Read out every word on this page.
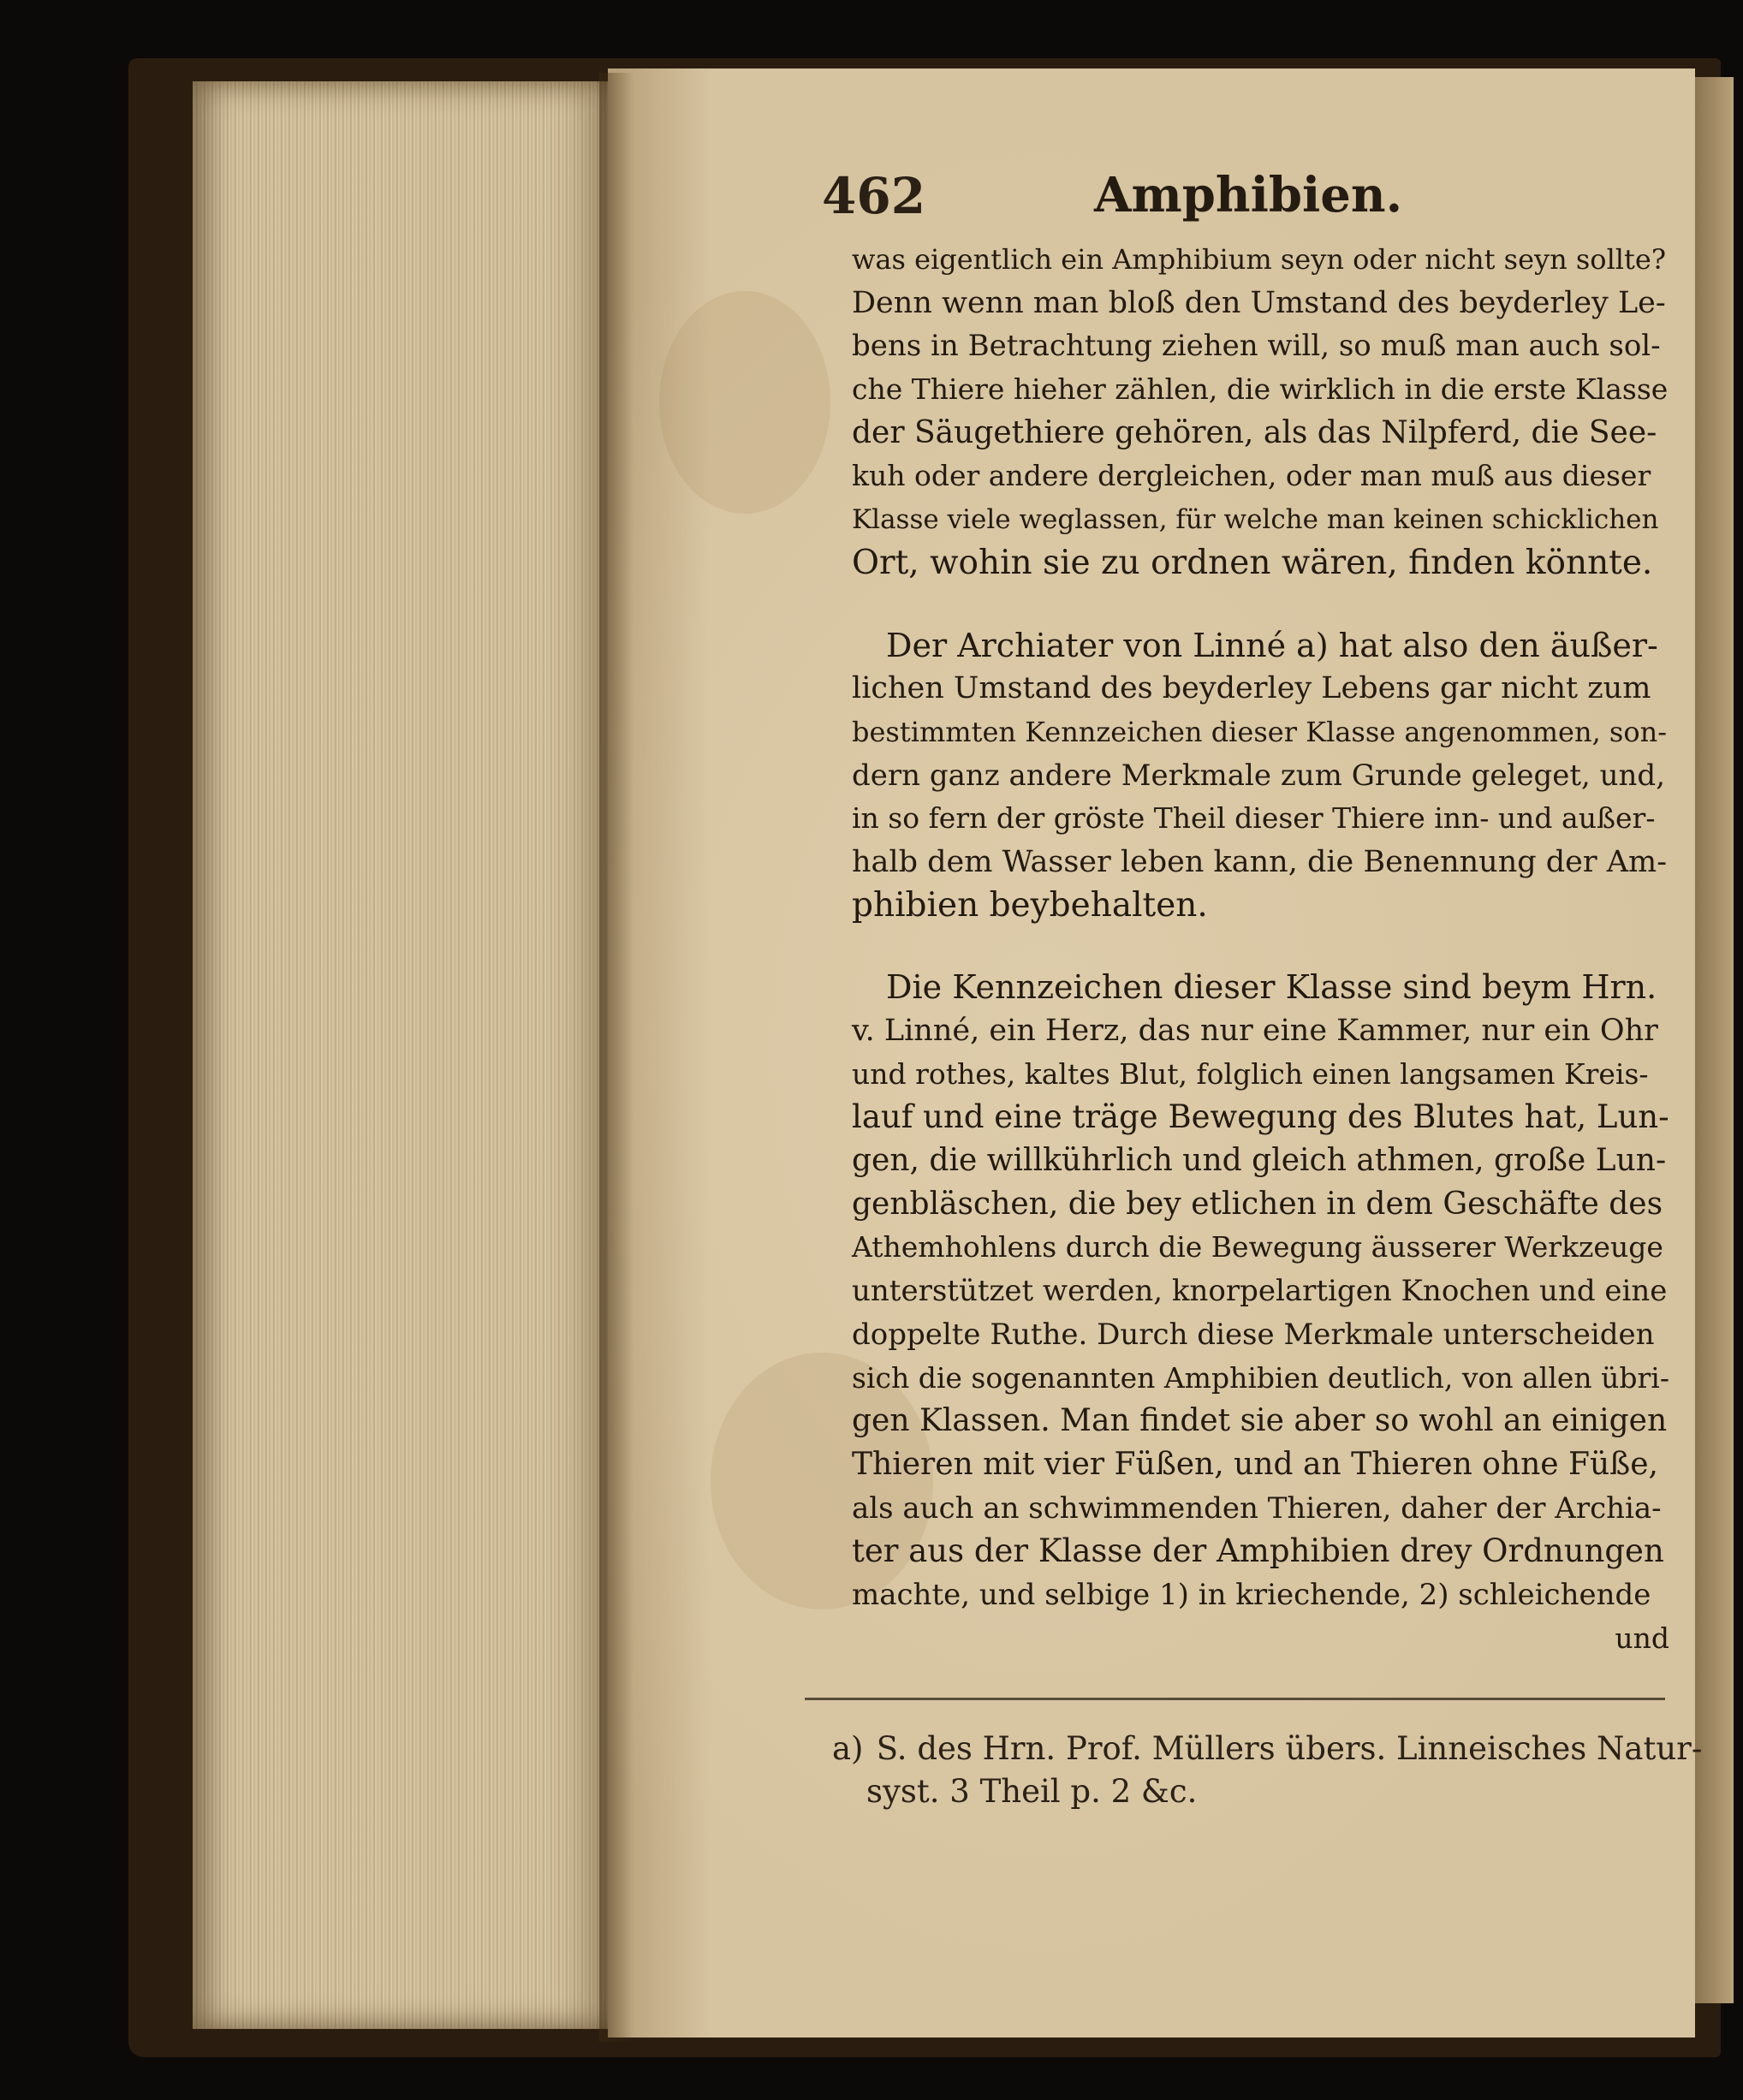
462	Amphibien.
was eigentlich ein Amphibium seyn oder nicht seyn sollte?
Denn wenn man bloß den Umstand des beyderley Le-
bens in Betrachtung ziehen will, so muß man auch sol-
che Thiere hieher zählen, die wirklich in die erste Klasse
der Säugethiere gehören, als das Nilpferd, die See-
kuh oder andere dergleichen, oder man muß aus dieser
Klasse viele weglassen, für welche man keinen schicklichen
Ort, wohin sie zu ordnen wären, finden könnte.
Der Archiater von Linné a) hat also den äußer-
lichen Umstand des beyderley Lebens gar nicht zum
bestimmten Kennzeichen dieser Klasse angenommen, son-
dern ganz andere Merkmale zum Grunde geleget, und,
in so fern der gröste Theil dieser Thiere inn- und außer-
halb dem Wasser leben kann, die Benennung der Am-
phibien beybehalten.
Die Kennzeichen dieser Klasse sind beym Hrn.
v. Linné, ein Herz, das nur eine Kammer, nur ein Ohr
und rothes, kaltes Blut, folglich einen langsamen Kreis-
lauf und eine träge Bewegung des Blutes hat, Lun-
gen, die willkührlich und gleich athmen, große Lun-
genbläschen, die bey etlichen in dem Geschäfte des
Athemhohlens durch die Bewegung äusserer Werkzeuge
unterstützet werden, knorpelartigen Knochen und eine
doppelte Ruthe. Durch diese Merkmale unterscheiden
sich die sogenannten Amphibien deutlich, von allen übri-
gen Klassen. Man findet sie aber so wohl an einigen
Thieren mit vier Füßen, und an Thieren ohne Füße,
als auch an schwimmenden Thieren, daher der Archia-
ter aus der Klasse der Amphibien drey Ordnungen
machte, und selbige 1) in kriechende, 2) schleichende
und
a) S. des Hrn. Prof. Müllers übers. Linneisches Natur-
syst. 3 Theil p. 2 &c.
